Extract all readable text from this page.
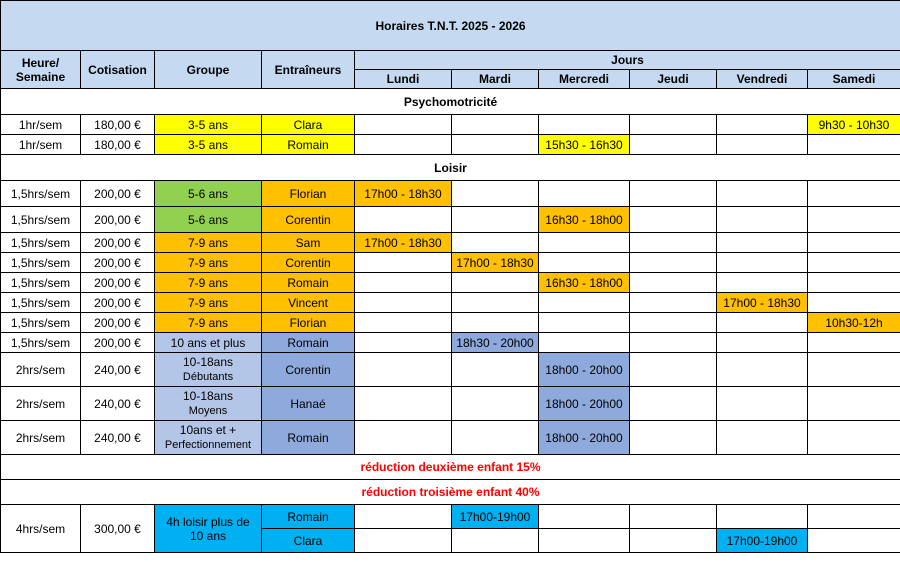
Horaires T.N.T. 2025 - 2026									
Heure/
Semaine	Cotisation	Groupe	Entraîneurs	Jours					
				Lundi	Mardi	Mercredi	Jeudi	Vendredi	Samedi
Psychomotricité									
1hr/sem	180,00 €	3-5 ans	Clara						9h30 - 10h30
1hr/sem	180,00 €	3-5 ans	Romain			15h30 - 16h30			
Loisir									
1,5hrs/sem	200,00 €	5-6 ans	Florian	17h00 - 18h30					
1,5hrs/sem	200,00 €	5-6 ans	Corentin			16h30 - 18h00			
1,5hrs/sem	200,00 €	7-9 ans	Sam	17h00 - 18h30					
1,5hrs/sem	200,00 €	7-9 ans	Corentin		17h00 - 18h30				
1,5hrs/sem	200,00 €	7-9 ans	Romain			16h30 - 18h00			
1,5hrs/sem	200,00 €	7-9 ans	Vincent					17h00 - 18h30	
1,5hrs/sem	200,00 €	7-9 ans	Florian						10h30-12h
1,5hrs/sem	200,00 €	10 ans et plus	Romain		18h30 - 20h00				
2hrs/sem	240,00 €	10-18ans
Débutants	Corentin			18h00 - 20h00			
2hrs/sem	240,00 €	10-18ans
Moyens	Hanaé			18h00 - 20h00			
2hrs/sem	240,00 €	10ans et +
Perfectionnement	Romain			18h00 - 20h00			
réduction deuxième enfant 15%									
réduction troisième enfant 40%									
4hrs/sem	300,00 €	4h loisir plus de
10 ans	Romain		17h00-19h00				
			Clara					17h00-19h00	
